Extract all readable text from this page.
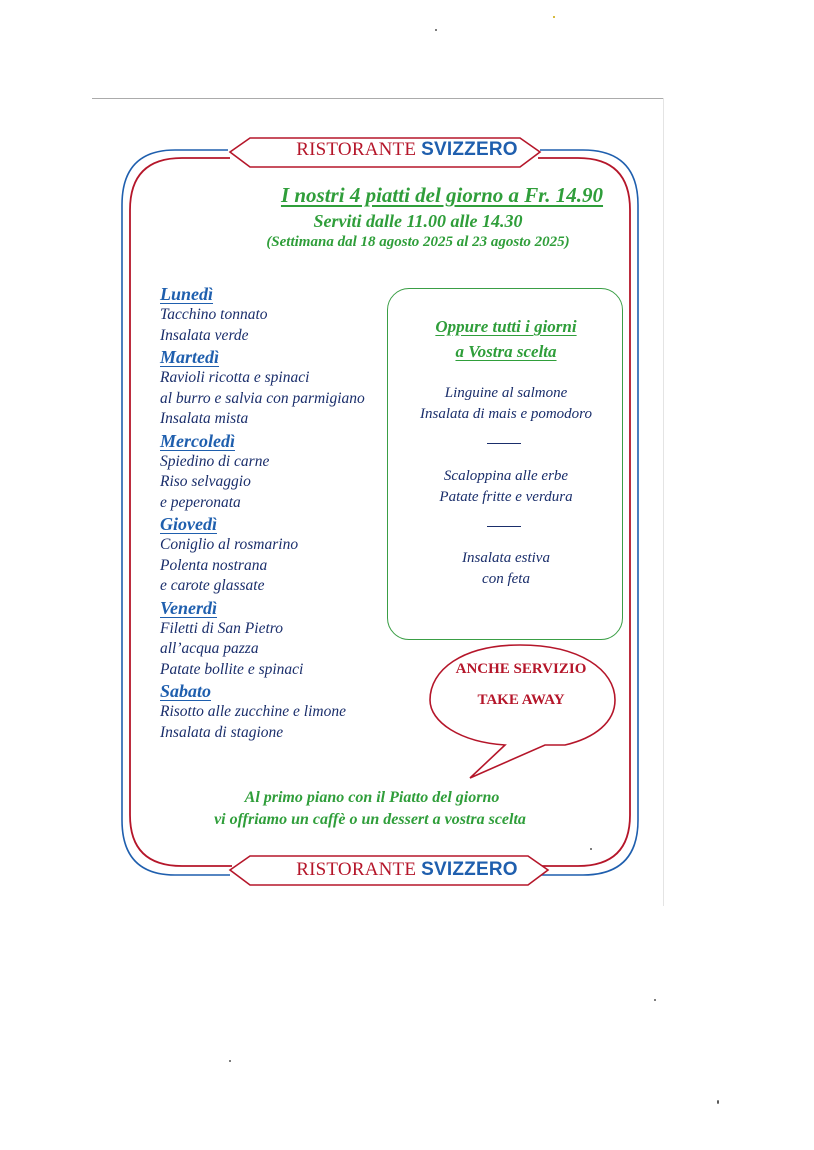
RISTORANTE SVIZZERO
I nostri 4 piatti del giorno a Fr. 14.90
Serviti dalle 11.00 alle 14.30
(Settimana dal 18 agosto 2025 al 23 agosto 2025)
Lunedì
Tacchino tonnato
Insalata verde
Martedì
Ravioli ricotta e spinaci
al burro e salvia con parmigiano
Insalata mista
Mercoledì
Spiedino di carne
Riso selvaggio
e peperonata
Giovedì
Coniglio al rosmarino
Polenta nostrana
e carote glassate
Venerdì
Filetti di San Pietro
all’acqua pazza
Patate bollite e spinaci
Sabato
Risotto alle zucchine e limone
Insalata di stagione
Oppure tutti i giorni
a Vostra scelta
Linguine al salmone
Insalata di mais e pomodoro
Scaloppina alle erbe
Patate fritte e verdura
Insalata estiva
con feta
ANCHE SERVIZIO
TAKE AWAY
Al primo piano con il Piatto del giorno
vi offriamo un caffè o un dessert a vostra scelta
RISTORANTE SVIZZERO
